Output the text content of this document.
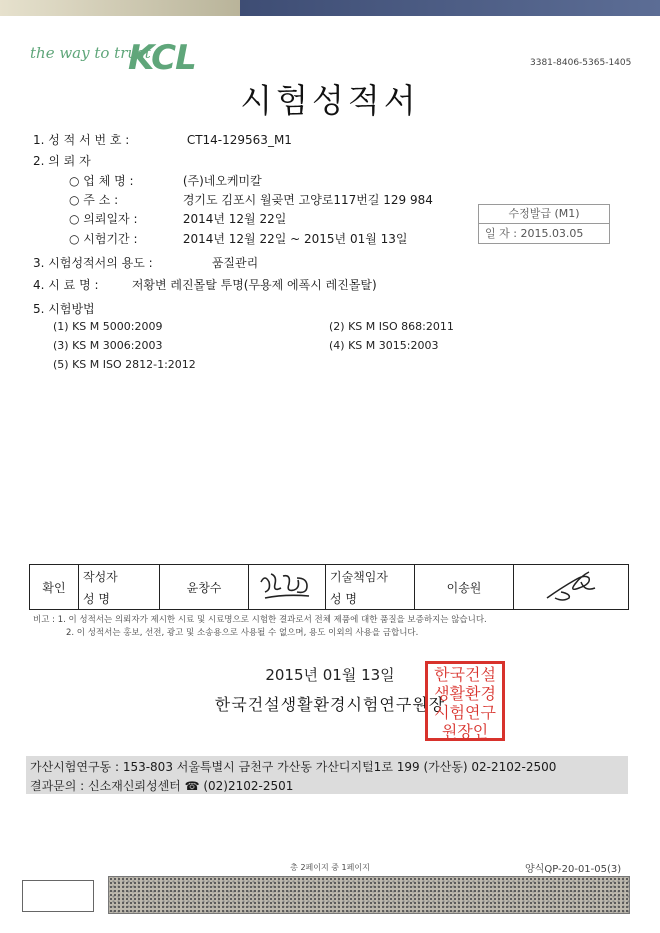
the way to trust
KCL	3381-8406-5365-1405
시험성적서
1. 성 적 서 번 호 :	CT14-129563_M1
2. 의 뢰 자
○ 업 체 명 :	(주)네오케미칼
○ 주 소 :	경기도 김포시 월곶면 고양로117번길 129 984
○ 의뢰일자 :	2014년 12월 22일
○ 시험기간 :	2014년 12월 22일 ~ 2015년 01월 13일
수정발급 (M1)
일 자 : 2015.03.05
3. 시험성적서의 용도 :	품질관리
4. 시 료 명 :	저황변 레진몰탈 투명(무용제 에폭시 레진몰탈)
5. 시험방법
(1) KS M 5000:2009	(2) KS M ISO 868:2011
(3) KS M 3006:2003	(4) KS M 3015:2003
(5) KS M ISO 2812-1:2012
확인	작성자	윤창수		기술책임자	이송원	
	성 명			성 명		
비고 : 1. 이 성적서는 의뢰자가 제시한 시료 및 시료명으로 시험한 결과로서 전체 제품에 대한 품질을 보증하지는 않습니다.
2. 이 성적서는 홍보, 선전, 광고 및 소송용으로 사용될 수 없으며, 용도 이외의 사용을 금합니다.
2015년 01월 13일
한국건설생활환경시험연구원장
한국건설생활환경시험연구원장인
가산시험연구동 : 153-803 서울특별시 금천구 가산동 가산디지털1로 199 (가산동) 02-2102-2500
결과문의 : 신소재신뢰성센터 ☎ (02)2102-2501
총 2페이지 중 1페이지	양식QP-20-01-05(3)
